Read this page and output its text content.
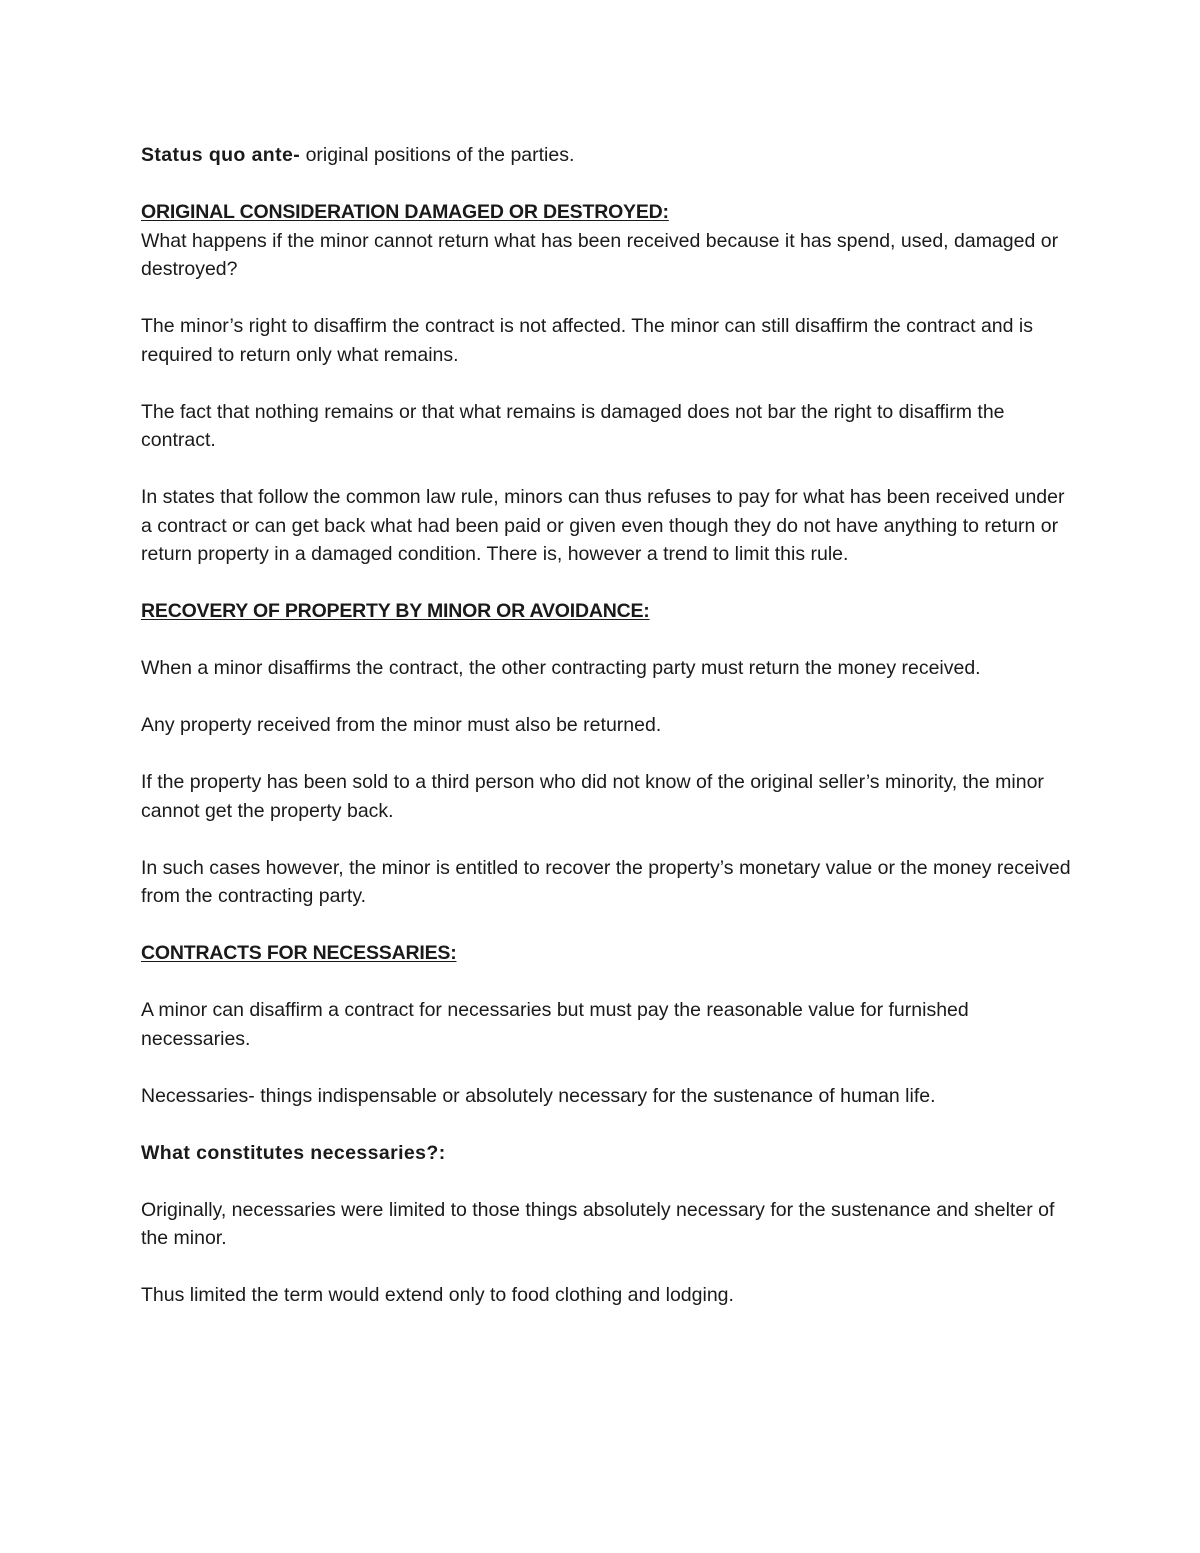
Status quo ante- original positions of the parties.

ORIGINAL CONSIDERATION DAMAGED OR DESTROYED:

What happens if the minor cannot return what has been received because it has spend, used, damaged or destroyed?

The minor’s right to disaffirm the contract is not affected. The minor can still disaffirm the contract and is required to return only what remains.

The fact that nothing remains or that what remains is damaged does not bar the right to disaffirm the contract.

In states that follow the common law rule, minors can thus refuses to pay for what has been received under a contract or can get back what had been paid or given even though they do not have anything to return or return property in a damaged condition. There is, however a trend to limit this rule.

RECOVERY OF PROPERTY BY MINOR OR AVOIDANCE:

When a minor disaffirms the contract, the other contracting party must return the money received.

Any property received from the minor must also be returned.

If the property has been sold to a third person who did not know of the original seller’s minority, the minor cannot get the property back.

In such cases however, the minor is entitled to recover the property’s monetary value or the money received from the contracting party.

CONTRACTS FOR NECESSARIES:

A minor can disaffirm a contract for necessaries but must pay the reasonable value for furnished necessaries.

Necessaries- things indispensable or absolutely necessary for the sustenance of human life.

What constitutes necessaries?:

Originally, necessaries were limited to those things absolutely necessary for the sustenance and shelter of the minor.

Thus limited the term would extend only to food clothing and lodging.
